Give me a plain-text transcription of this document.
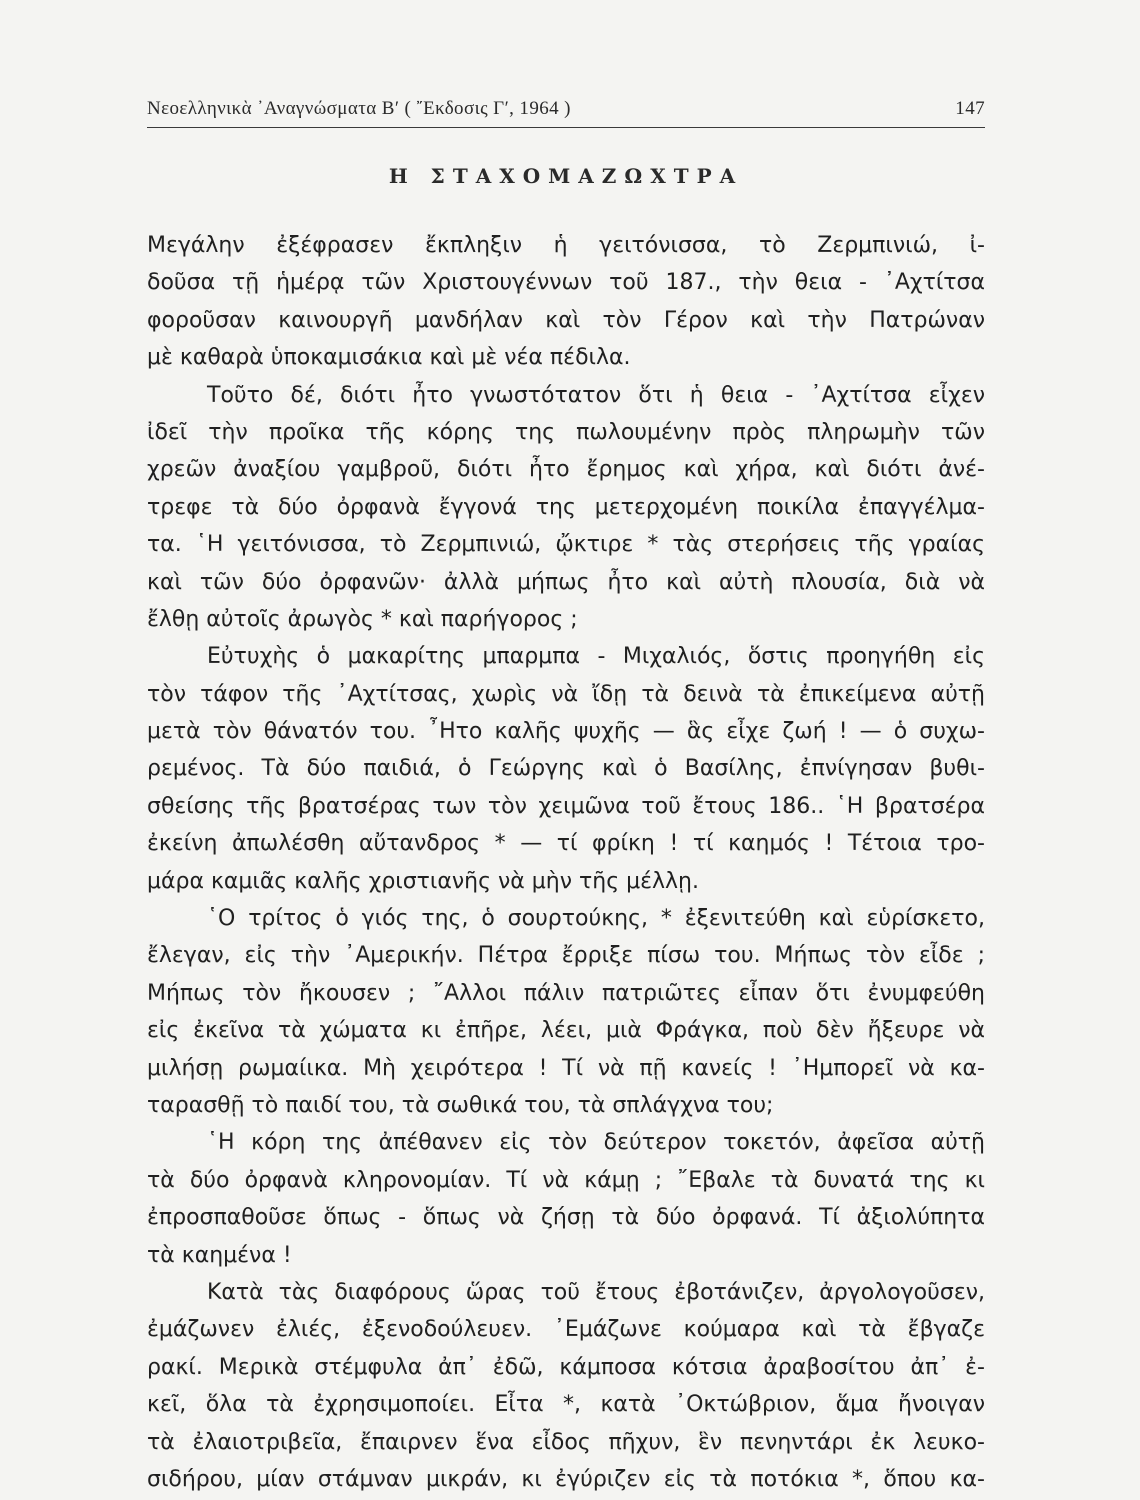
Νεοελληνικὰ ᾽Αναγνώσματα Β′ ( ῎Εκδοσις Γ′, 1964 )	147
Η ΣΤΑΧΟΜΑΖΩΧΤΡΑ
Μεγάλην ἐξέφρασεν ἔκπληξιν ἡ γειτόνισσα, τὸ Ζερμπινιώ, ἰ-
δοῦσα τῇ ἡμέρᾳ τῶν Χριστουγέννων τοῦ 187., τὴν θεια - ᾽Αχτίτσα
φοροῦσαν καινουργῆ μανδήλαν καὶ τὸν Γέρον καὶ τὴν Πατρώναν
μὲ καθαρὰ ὑποκαμισάκια καὶ μὲ νέα πέδιλα.
Τοῦτο δέ, διότι ἦτο γνωστότατον ὅτι ἡ θεια - ᾽Αχτίτσα εἶχεν
ἰδεῖ τὴν προῖκα τῆς κόρης της πωλουμένην πρὸς πληρωμὴν τῶν
χρεῶν ἀναξίου γαμβροῦ, διότι ἦτο ἔρημος καὶ χήρα, καὶ διότι ἀνέ-
τρεφε τὰ δύο ὀρφανὰ ἔγγονά της μετερχομένη ποικίλα ἐπαγγέλμα-
τα. ῾Η γειτόνισσα, τὸ Ζερμπινιώ, ᾤκτιρε * τὰς στερήσεις τῆς γραίας
καὶ τῶν δύο ὀρφανῶν· ἀλλὰ μήπως ἦτο καὶ αὐτὴ πλουσία, διὰ νὰ
ἔλθῃ αὐτοῖς ἀρωγὸς * καὶ παρήγορος ;
Εὐτυχὴς ὁ μακαρίτης μπαρμπα - Μιχαλιός, ὅστις προηγήθη εἰς
τὸν τάφον τῆς ᾽Αχτίτσας, χωρὶς νὰ ἴδῃ τὰ δεινὰ τὰ ἐπικείμενα αὐτῇ
μετὰ τὸν θάνατόν του. ῏Ητο καλῆς ψυχῆς — ἃς εἶχε ζωή ! — ὁ συχω-
ρεμένος. Τὰ δύο παιδιά, ὁ Γεώργης καὶ ὁ Βασίλης, ἐπνίγησαν βυθι-
σθείσης τῆς βρατσέρας των τὸν χειμῶνα τοῦ ἔτους 186.. ῾Η βρατσέρα
ἐκείνη ἀπωλέσθη αὔτανδρος * — τί φρίκη ! τί καημός ! Τέτοια τρο-
μάρα καμιᾶς καλῆς χριστιανῆς νὰ μὴν τῆς μέλλῃ.
῾Ο τρίτος ὁ γιός της, ὁ σουρτούκης, * ἐξενιτεύθη καὶ εὑρίσκετο,
ἔλεγαν, εἰς τὴν ᾽Αμερικήν. Πέτρα ἔρριξε πίσω του. Μήπως τὸν εἶδε ;
Μήπως τὸν ἤκουσεν ; ῎Αλλοι πάλιν πατριῶτες εἶπαν ὅτι ἐνυμφεύθη
εἰς ἐκεῖνα τὰ χώματα κι ἐπῆρε, λέει, μιὰ Φράγκα, ποὺ δὲν ἤξευρε νὰ
μιλήσῃ ρωμαίικα. Μὴ χειρότερα ! Τί νὰ πῇ κανείς ! ᾽Ημπορεῖ νὰ κα-
ταρασθῇ τὸ παιδί του, τὰ σωθικά του, τὰ σπλάγχνα του;
῾Η κόρη της ἀπέθανεν εἰς τὸν δεύτερον τοκετόν, ἀφεῖσα αὐτῇ
τὰ δύο ὀρφανὰ κληρονομίαν. Τί νὰ κάμῃ ; ῎Εβαλε τὰ δυνατά της κι
ἐπροσπαθοῦσε ὅπως - ὅπως νὰ ζήσῃ τὰ δύο ὀρφανά. Τί ἀξιολύπητα
τὰ καημένα !
Κατὰ τὰς διαφόρους ὥρας τοῦ ἔτους ἐβοτάνιζεν, ἀργολογοῦσεν,
ἐμάζωνεν ἐλιές, ἐξενοδούλευεν. ᾽Εμάζωνε κούμαρα καὶ τὰ ἔβγαζε
ρακί. Μερικὰ στέμφυλα ἀπ᾽ ἐδῶ, κάμποσα κότσια ἀραβοσίτου ἀπ᾽ ἐ-
κεῖ, ὅλα τὰ ἐχρησιμοποίει. Εἶτα *, κατὰ ᾽Οκτώβριον, ἅμα ἤνοιγαν
τὰ ἐλαιοτριβεῖα, ἔπαιρνεν ἕνα εἶδος πῆχυν, ἓν πενηντάρι ἐκ λευκο-
σιδήρου, μίαν στάμναν μικράν, κι ἐγύριζεν εἰς τὰ ποτόκια *, ὅπου κα-
